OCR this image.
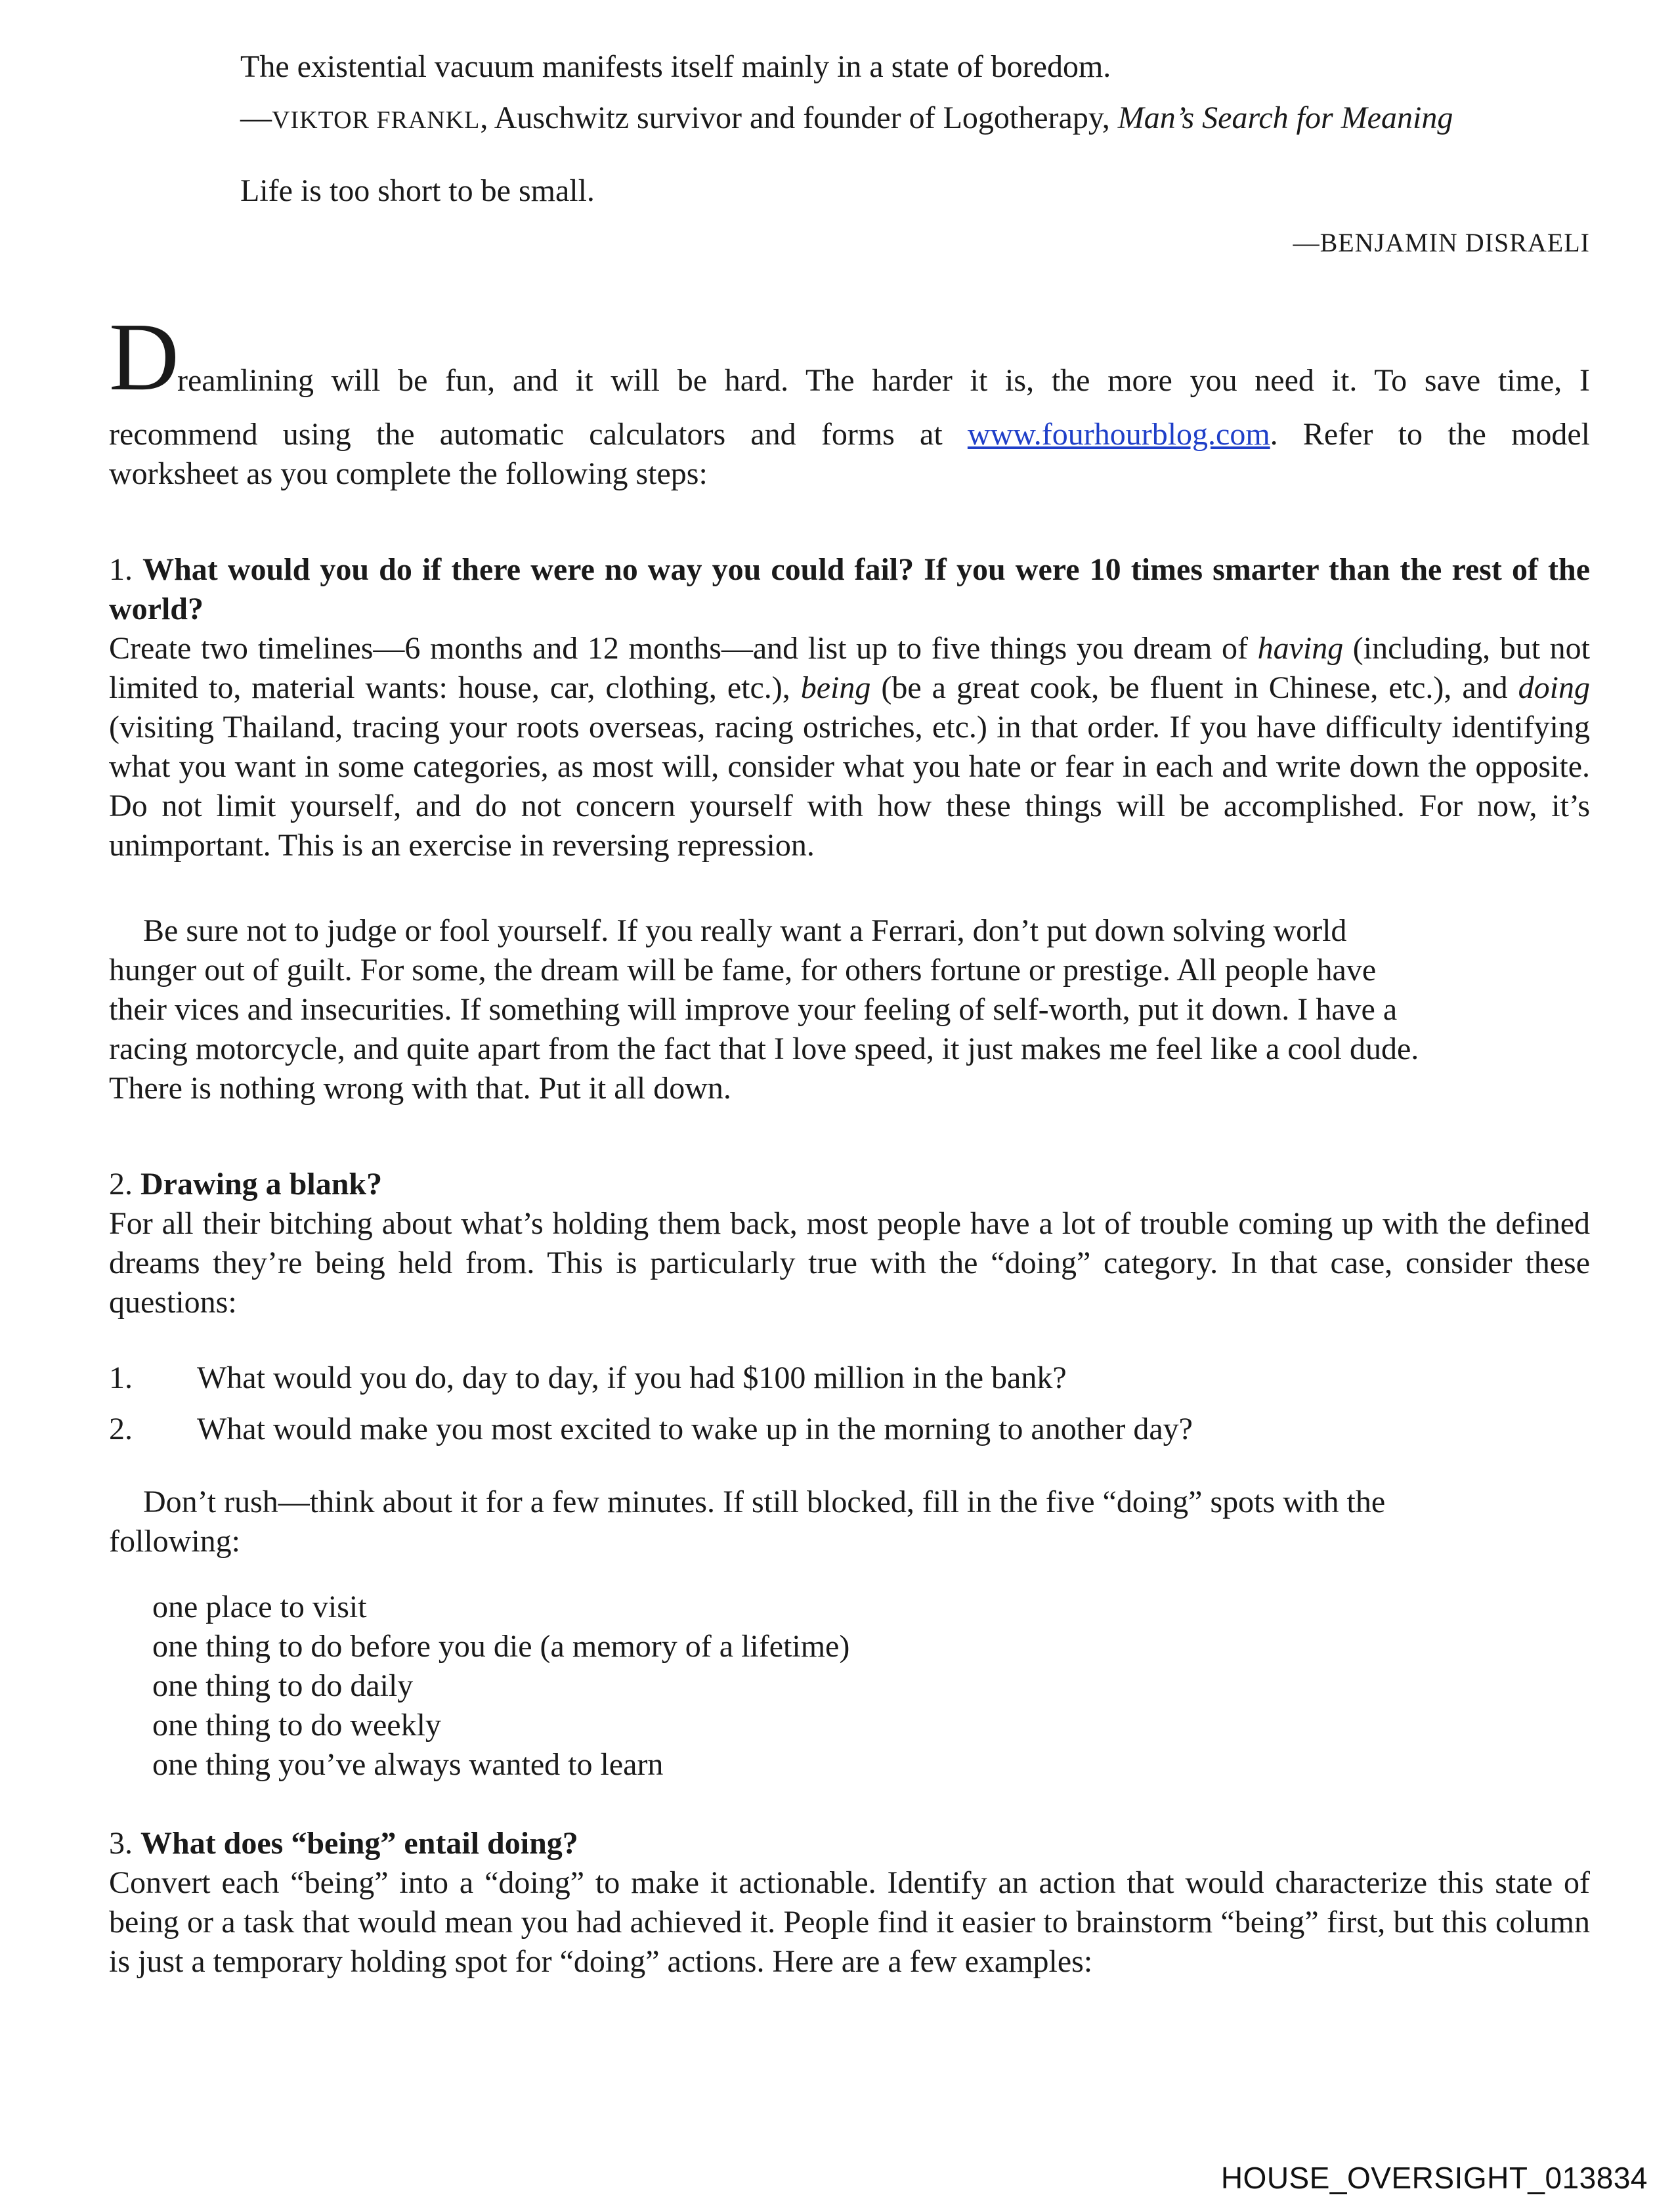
The existential vacuum manifests itself mainly in a state of boredom.
—VIKTOR FRANKL, Auschwitz survivor and founder of Logotherapy, Man’s Search for Meaning
Life is too short to be small.
—BENJAMIN DISRAELI
D
reamlining will be fun, and it will be hard. The harder it is, the more you need it. To save time, I
recommend using the automatic calculators and forms at www.fourhourblog.com. Refer to the model
worksheet as you complete the following steps:
1. What would you do if there were no way you could fail? If you were 10 times smarter than the rest of the world?
Create two timelines—6 months and 12 months—and list up to five things you dream of having (including, but not limited to, material wants: house, car, clothing, etc.), being (be a great cook, be fluent in Chinese, etc.), and doing (visiting Thailand, tracing your roots overseas, racing ostriches, etc.) in that order. If you have difficulty identifying what you want in some categories, as most will, consider what you hate or fear in each and write down the opposite. Do not limit yourself, and do not concern yourself with how these things will be accomplished. For now, it’s unimportant. This is an exercise in reversing repression.
Be sure not to judge or fool yourself. If you really want a Ferrari, don’t put down solving world
hunger out of guilt. For some, the dream will be fame, for others fortune or prestige. All people have
their vices and insecurities. If something will improve your feeling of self-worth, put it down. I have a
racing motorcycle, and quite apart from the fact that I love speed, it just makes me feel like a cool dude.
There is nothing wrong with that. Put it all down.
2. Drawing a blank?
For all their bitching about what’s holding them back, most people have a lot of trouble coming up with the defined dreams they’re being held from. This is particularly true with the “doing” category. In that case, consider these questions:
1. What would you do, day to day, if you had $100 million in the bank?
2. What would make you most excited to wake up in the morning to another day?
Don’t rush—think about it for a few minutes. If still blocked, fill in the five “doing” spots with the
following:
one place to visit
one thing to do before you die (a memory of a lifetime)
one thing to do daily
one thing to do weekly
one thing you’ve always wanted to learn
3. What does “being” entail doing?
Convert each “being” into a “doing” to make it actionable. Identify an action that would characterize this state of being or a task that would mean you had achieved it. People find it easier to brainstorm “being” first, but this column is just a temporary holding spot for “doing” actions. Here are a few examples:
HOUSE_OVERSIGHT_013834
